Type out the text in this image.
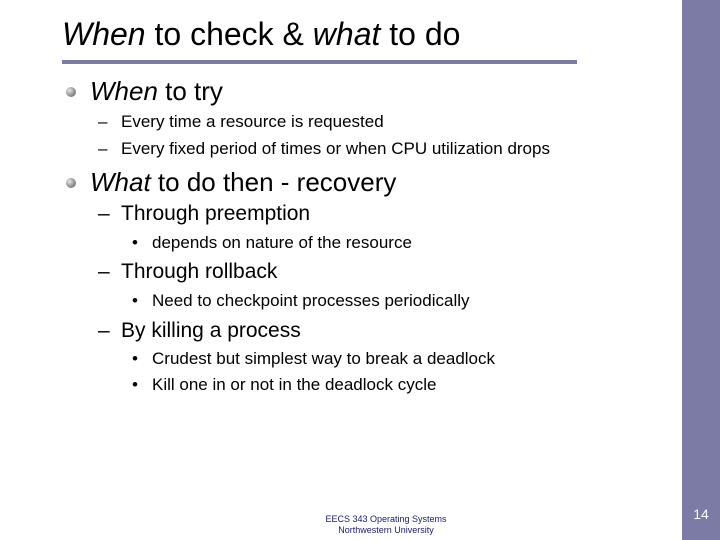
14
When to check & what to do
When to try
– Every time a resource is requested
– Every fixed period of times or when CPU utilization drops
What to do then - recovery
– Through preemption
• depends on nature of the resource
– Through rollback
• Need to checkpoint processes periodically
– By killing a process
• Crudest but simplest way to break a deadlock
• Kill one in or not in the deadlock cycle
EECS 343 Operating Systems
Northwestern University
